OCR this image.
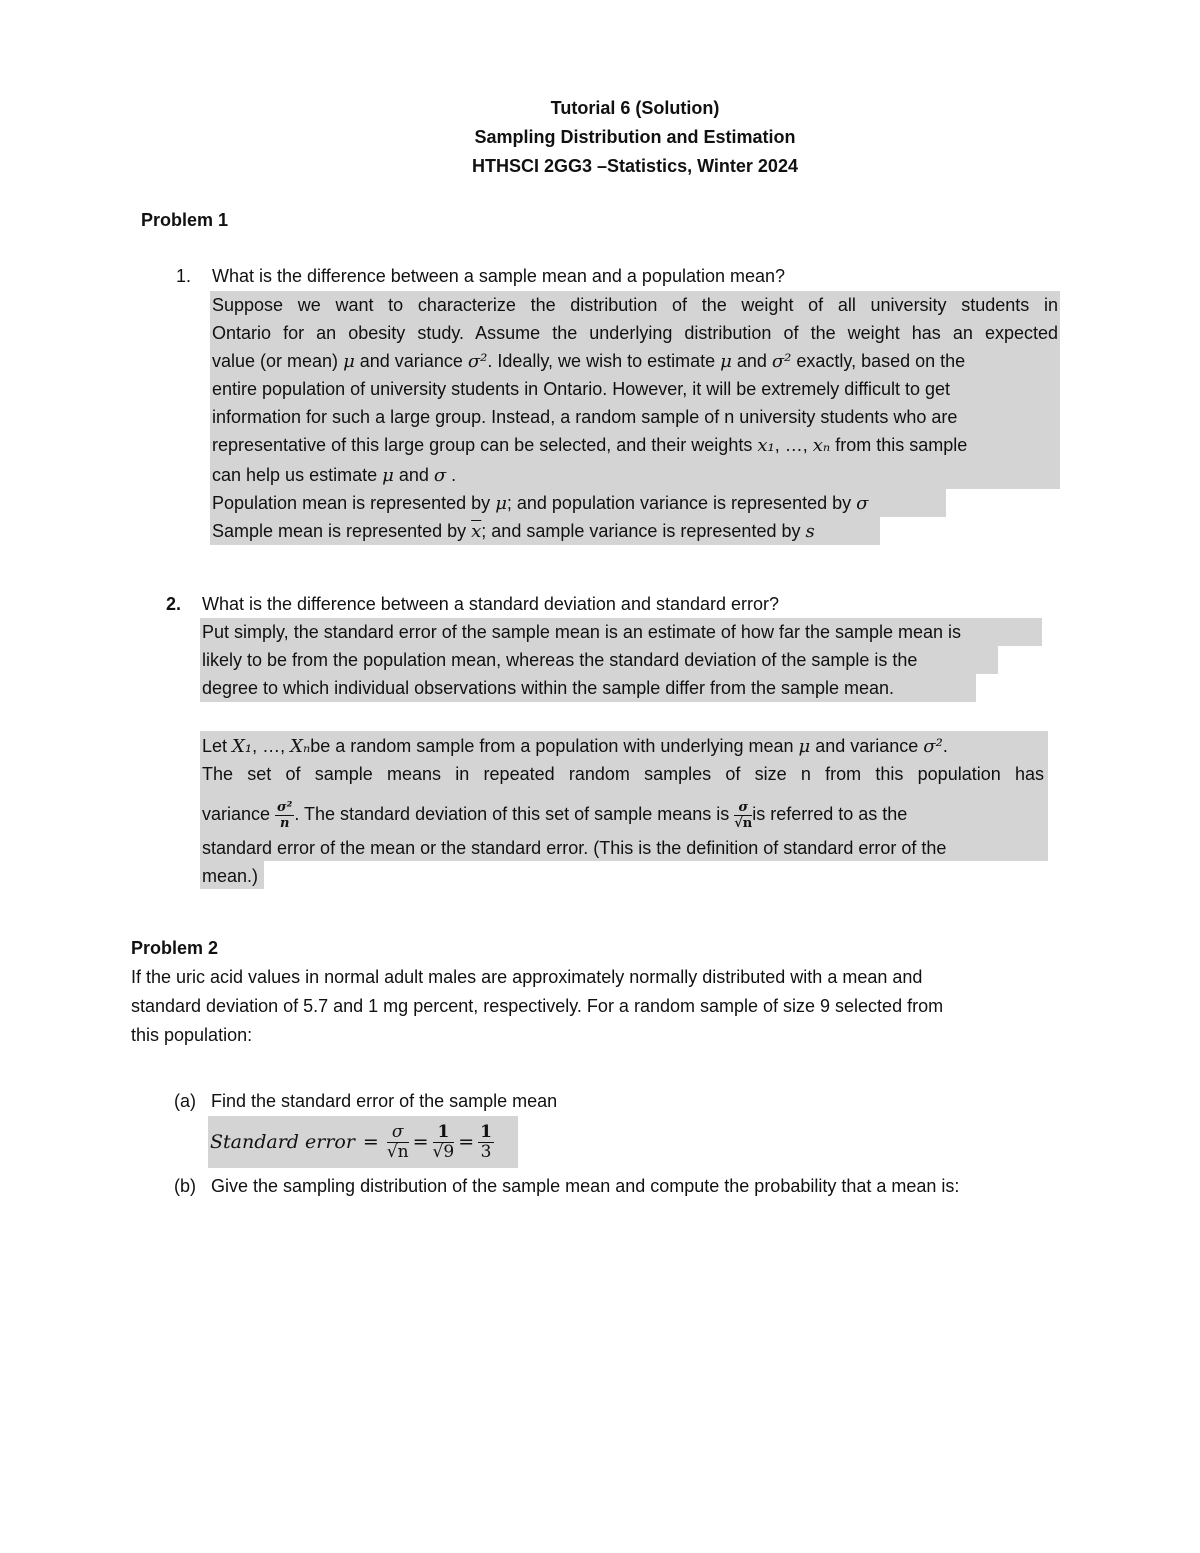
Tutorial 6 (Solution)
Sampling Distribution and Estimation
HTHSCI 2GG3 –Statistics, Winter 2024
Problem 1
1. What is the difference between a sample mean and a population mean?
Suppose we want to characterize the distribution of the weight of all university students in
Ontario for an obesity study. Assume the underlying distribution of the weight has an expected
value (or mean) μ and variance σ². Ideally, we wish to estimate μ and σ² exactly, based on the
entire population of university students in Ontario. However, it will be extremely difficult to get
information for such a large group. Instead, a random sample of n university students who are
representative of this large group can be selected, and their weights x₁, …, xₙ from this sample
can help us estimate μ and σ .
Population mean is represented by μ; and population variance is represented by σ
Sample mean is represented by $\overline{x}$; and sample variance is represented by s
2. What is the difference between a standard deviation and standard error?
Put simply, the standard error of the sample mean is an estimate of how far the sample mean is
likely to be from the population mean, whereas the standard deviation of the sample is the
degree to which individual observations within the sample differ from the sample mean.
Let X₁, …, Xₙbe a random sample from a population with underlying mean μ and variance σ².
The set of sample means in repeated random samples of size n from this population has
variance $\frac{\text{σ²}}{n}$ . The standard deviation of this set of sample means is $\frac{\sigma}{√n}$ is referred to as the
standard error of the mean or the standard error. (This is the definition of standard error of the
mean.)
Problem 2
If the uric acid values in normal adult males are approximately normally distributed with a mean and
standard deviation of 5.7 and 1 mg percent, respectively. For a random sample of size 9 selected from
this population:
(a) Find the standard error of the sample mean
Standard error = $\frac{\sigma}{√n} = \frac{1}{√9} = \frac{1}{3}$
(b) Give the sampling distribution of the sample mean and compute the probability that a mean is:
